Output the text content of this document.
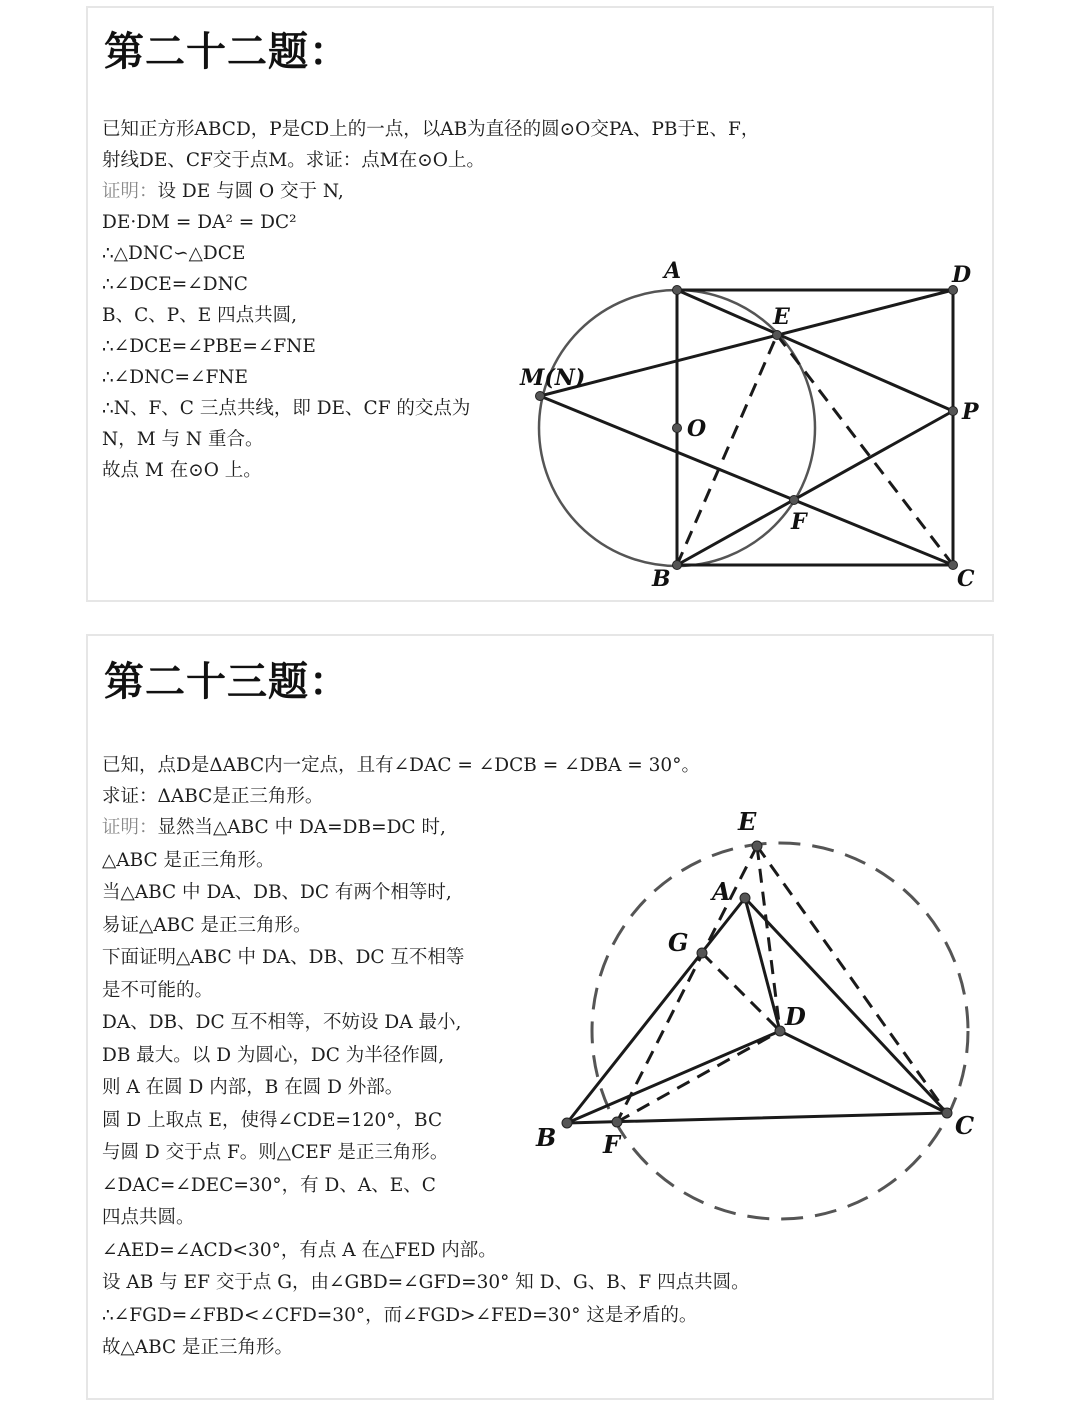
第二十二题：

已知正方形ABCD，P是CD上的一点，以AB为直径的圆⊙O交PA、PB于E、F，

射线DE、CF交于点M。求证：点M在⊙O上。

证明：设 DE 与圆 O 交于 N,

DE·DM = DA² = DC²

∴△DNC∽△DCE

∴∠DCE=∠DNC

B、C、P、E 四点共圆,

∴∠DCE=∠PBE=∠FNE

∴∠DNC=∠FNE

∴N、F、C 三点共线，即 DE、CF 的交点为

N，M 与 N 重合。

故点 M 在⊙O 上。

A	D
E
M(N)
O
P
F
B	C
第二十三题：

已知，点D是ΔABC内一定点，且有∠DAC = ∠DCB = ∠DBA = 30°。

求证：ΔABC是正三角形。

证明：显然当△ABC 中 DA=DB=DC 时,

△ABC 是正三角形。

当△ABC 中 DA、DB、DC 有两个相等时,

易证△ABC 是正三角形。

下面证明△ABC 中 DA、DB、DC 互不相等

是不可能的。

DA、DB、DC 互不相等，不妨设 DA 最小,

DB 最大。以 D 为圆心，DC 为半径作圆,

则 A 在圆 D 内部，B 在圆 D 外部。

圆 D 上取点 E，使得∠CDE=120°，BC

与圆 D 交于点 F。则△CEF 是正三角形。

∠DAC=∠DEC=30°，有 D、A、E、C

四点共圆。

∠AED=∠ACD<30°，有点 A 在△FED 内部。

设 AB 与 EF 交于点 G，由∠GBD=∠GFD=30° 知 D、G、B、F 四点共圆。

∴∠FGD=∠FBD<∠CFD=30°，而∠FGD>∠FED=30° 这是矛盾的。

故△ABC 是正三角形。

E
A
G
D
B F
C
